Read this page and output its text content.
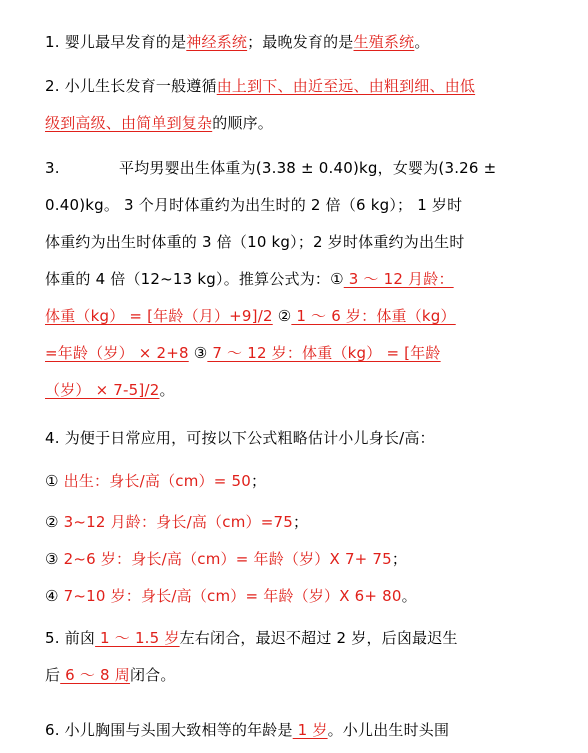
1. 婴儿最早发育的是神经系统；最晚发育的是生殖系统。
2. 小儿生长发育一般遵循由上到下、由近至远、由粗到细、由低
级到高级、由简单到复杂的顺序。
3.	平均男婴出生体重为(3.38 ± 0.40)kg，女婴为(3.26 ±
0.40)kg。 3 个月时体重约为出生时的 2 倍（6 kg）； 1 岁时
体重约为出生时体重的 3 倍（10 kg）；2 岁时体重约为出生时
体重的 4 倍（12~13 kg）。推算公式为：① 3 ～ 12 月龄：
体重（kg） = [年龄（月）+9]/2 ② 1 ～ 6 岁：体重（kg）
=年龄（岁） × 2+8 ③ 7 ～ 12 岁：体重（kg） = [年龄
（岁） × 7-5]/2。
4. 为便于日常应用，可按以下公式粗略估计小儿身长/高：
① 出生：身长/高（cm）= 50；
② 3~12 月龄：身长/高（cm）=75；
③ 2~6 岁：身长/高（cm）= 年龄（岁）X 7+ 75；
④ 7~10 岁：身长/高（cm）= 年龄（岁）X 6+ 80。
5. 前囟 1 ～ 1.5 岁左右闭合，最迟不超过 2 岁，后囟最迟生
后 6 ～ 8 周闭合。
6. 小儿胸围与头围大致相等的年龄是 1 岁。小儿出生时头围
